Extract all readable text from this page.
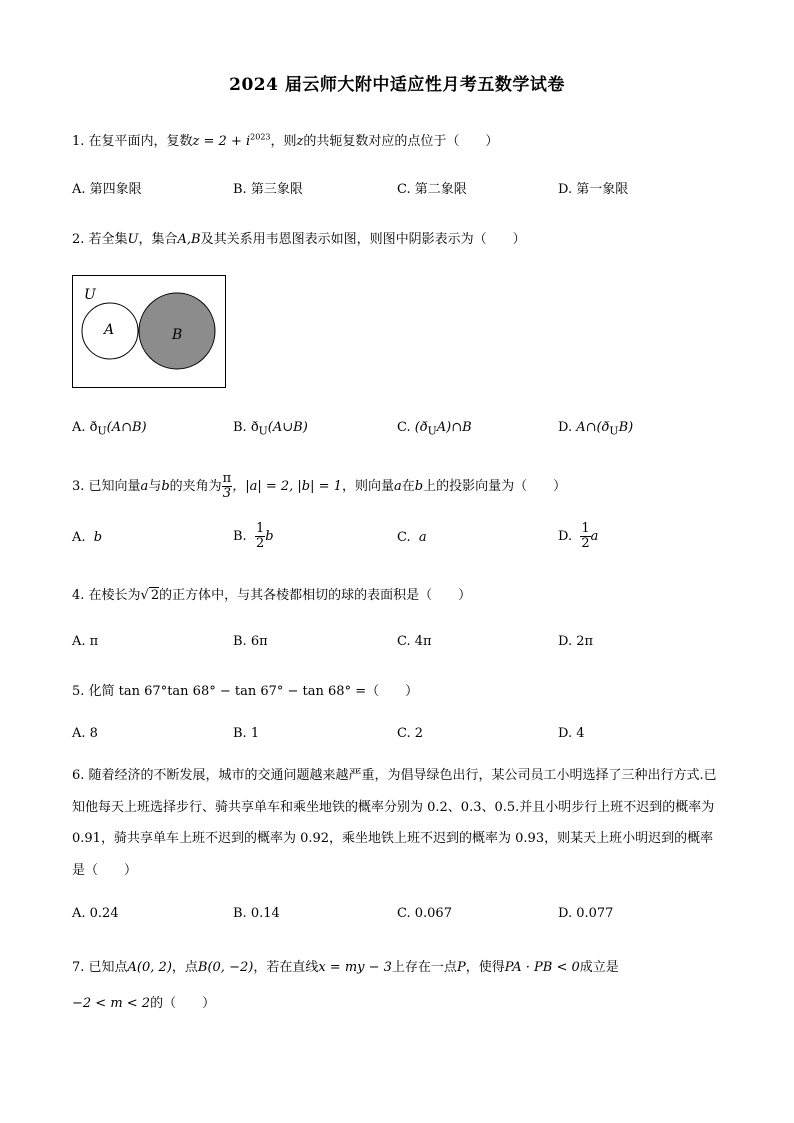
2024 届云师大附中适应性月考五数学试卷
1. 在复平面内，复数$z = 2 + i^{2023}$，则z的共轭复数对应的点位于（　　）
A. 第四象限	B. 第三象限	C. 第二象限	D. 第一象限
2. 若全集U，集合A,B及其关系用韦恩图表示如图，则图中阴影表示为（　　）
U
A	B
A. $ð_U(A\cap B)$	B. $ð_U(A\cup B)$	C. $(ð_UA)\cap B$	D. $A\cap(ð_UB)$
3. 已知向量a与b的夹角为 $\frac{\pi}{3}$ ，|a| = 2, |b| = 1，则向量a在b上的投影向量为（　　）
A. b	B. $\frac{1}{2}$ b	C. a	D. $\frac{1}{2}$ a
4. 在棱长为√ 2的正方体中，与其各棱都相切的球的表面积是（　　）
A. π	B. 6π	C. 4π	D. 2π
5. 化简 tan 67°tan 68° − tan 67° − tan 68° =（　　）
A. 8	B. 1	C. 2	D. 4
6. 随着经济的不断发展，城市的交通问题越来越严重，为倡导绿色出行，某公司员工小明选择了三种出行方式.已知他每天上班选择步行、骑共享单车和乘坐地铁的概率分别为 0.2、0.3、0.5.并且小明步行上班不迟到的概率为 0.91，骑共享单车上班不迟到的概率为 0.92，乘坐地铁上班不迟到的概率为 0.93，则某天上班小明迟到的概率是（　　）
A. 0.24	B. 0.14	C. 0.067	D. 0.077
7. 已知点A(0, 2)，点B(0, −2)，若在直线x = my − 3上存在一点P，使得PA · PB < 0成立是
−2 < m < 2的（　　）
